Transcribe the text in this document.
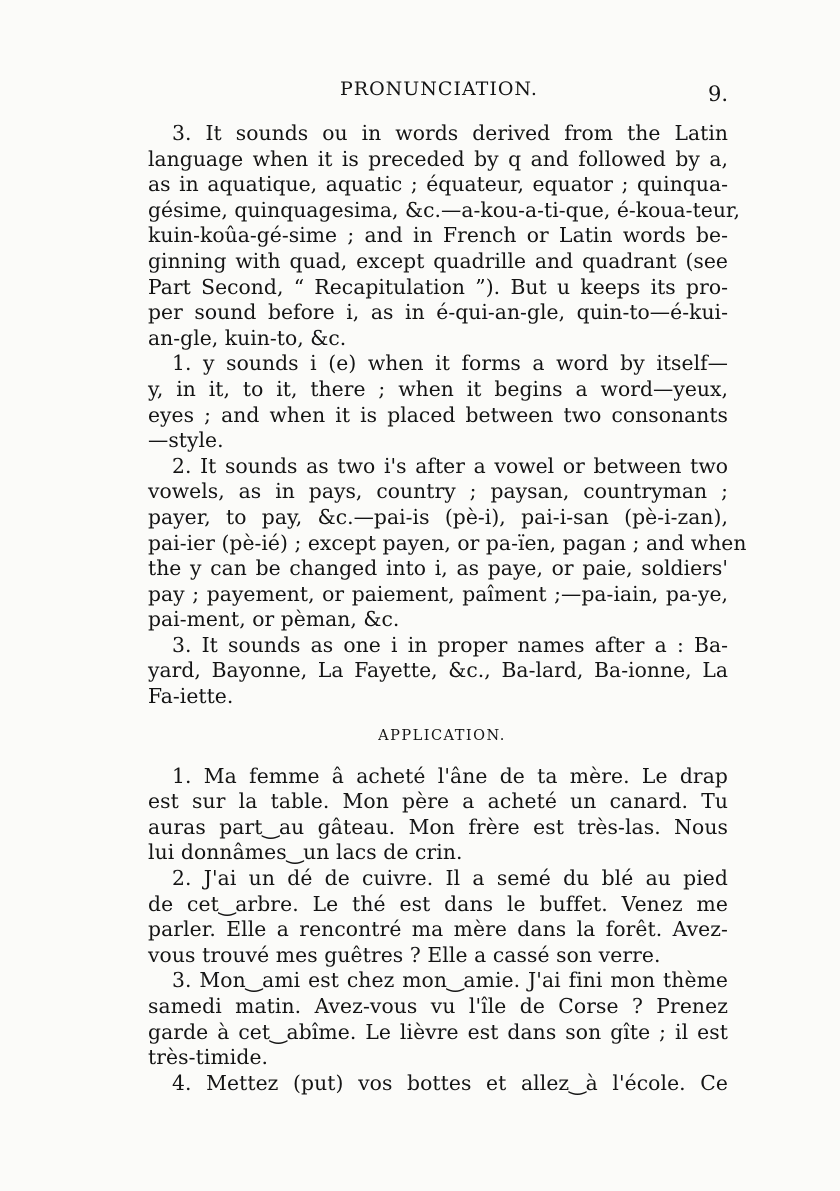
PRONUNCIATION.	9.
3. It sounds ou in words derived from the Latin
language when it is preceded by q and followed by a,
as in aquatique, aquatic ; équateur, equator ; quinqua-
gésime, quinquagesima, &c.—a-kou-a-ti-que, é-koua-teur,
kuin-koûa-gé-sime ; and in French or Latin words be-
ginning with quad, except quadrille and quadrant (see
Part Second, “ Recapitulation ”). But u keeps its pro-
per sound before i, as in é-qui-an-gle, quin-to—é-kui-
an-gle, kuin-to, &c.
1. y sounds i (e) when it forms a word by itself—
y, in it, to it, there ; when it begins a word—yeux,
eyes ; and when it is placed between two consonants
—style.
2. It sounds as two i's after a vowel or between two
vowels, as in pays, country ; paysan, countryman ;
payer, to pay, &c.—pai-is (pè-i), pai-i-san (pè-i-zan),
pai-ier (pè-ié) ; except payen, or pa-ïen, pagan ; and when
the y can be changed into i, as paye, or paie, soldiers'
pay ; payement, or paiement, paîment ;—pa-iain, pa-ye,
pai-ment, or pèman, &c.
3. It sounds as one i in proper names after a : Ba-
yard, Bayonne, La Fayette, &c., Ba-lard, Ba-ionne, La
Fa-iette.
APPLICATION.
1. Ma femme â acheté l'âne de ta mère. Le drap
est sur la table. Mon père a acheté un canard. Tu
auras part‿au gâteau. Mon frère est très-las. Nous
lui donnâmes‿un lacs de crin.
2. J'ai un dé de cuivre. Il a semé du blé au pied
de cet‿arbre. Le thé est dans le buffet. Venez me
parler. Elle a rencontré ma mère dans la forêt. Avez-
vous trouvé mes guêtres ? Elle a cassé son verre.
3. Mon‿ami est chez mon‿amie. J'ai fini mon thème
samedi matin. Avez-vous vu l'île de Corse ? Prenez
garde à cet‿abîme. Le lièvre est dans son gîte ; il est
très-timide.
4. Mettez (put) vos bottes et allez‿à l'école. Ce
